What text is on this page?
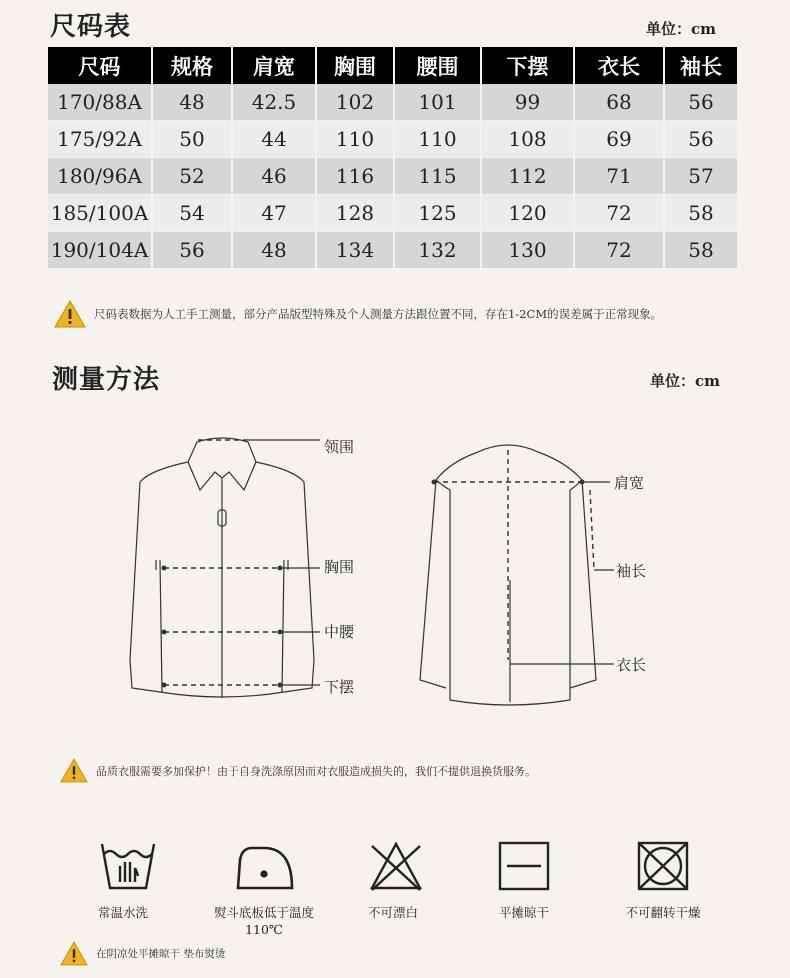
尺码表	单位：cm
尺码	规格	肩宽	胸围	腰围	下摆	衣长	袖长
170/88A	48	42.5	102	101	99	68	56
175/92A	50	44	110	110	108	69	56
180/96A	52	46	116	115	112	71	57
185/100A	54	47	128	125	120	72	58
190/104A	56	48	134	132	130	72	58
尺码表数据为人工手工测量，部分产品版型特殊及个人测量方法跟位置不同，存在1-2CM的误差属于正常现象。
测量方法	单位：cm
领围
胸围
中腰
下摆
肩宽
袖长
衣长
品质衣服需要多加保护！由于自身洗涤原因而对衣服造成损失的，我们不提供退换货服务。
常温水洗	熨斗底板低于温度110℃
不可漂白	平摊晾干	不可翻转干燥
在阴凉处平摊晾干 垫布熨烫
